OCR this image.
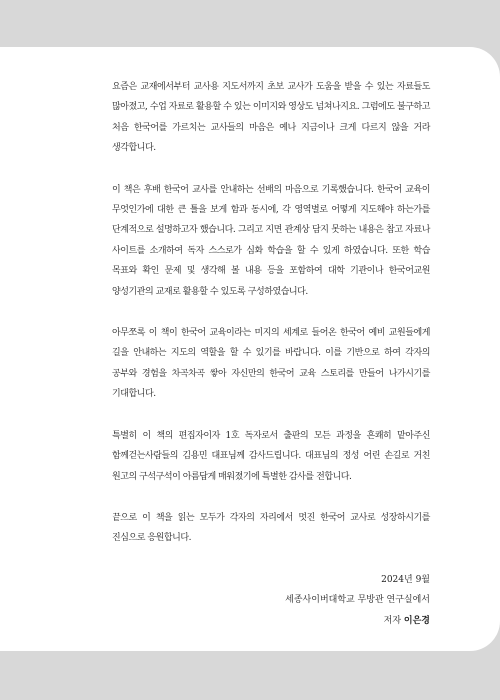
요즘은 교재에서부터 교사용 지도서까지 초보 교사가 도움을 받을 수 있는 자료들도 많아졌고, 수업 자료로 활용할 수 있는 이미지와 영상도 넘쳐나지요. 그럼에도 불구하고 처음 한국어를 가르치는 교사들의 마음은 예나 지금이나 크게 다르지 않을 거라 생각합니다.

이 책은 후배 한국어 교사를 안내하는 선배의 마음으로 기록했습니다. 한국어 교육이 무엇인가에 대한 큰 틀을 보게 함과 동시에, 각 영역별로 어떻게 지도해야 하는가를 단계적으로 설명하고자 했습니다. 그리고 지면 관계상 담지 못하는 내용은 참고 자료나 사이트를 소개하여 독자 스스로가 심화 학습을 할 수 있게 하였습니다. 또한 학습 목표와 확인 문제 및 생각해 볼 내용 등을 포함하여 대학 기관이나 한국어교원 양성기관의 교재로 활용할 수 있도록 구성하였습니다.

아무쪼록 이 책이 한국어 교육이라는 미지의 세계로 들어온 한국어 예비 교원들에게 길을 안내하는 지도의 역할을 할 수 있기를 바랍니다. 이를 기반으로 하여 각자의 공부와 경험을 차곡차곡 쌓아 자신만의 한국어 교육 스토리를 만들어 나가시기를 기대합니다.

특별히 이 책의 편집자이자 1호 독자로서 출판의 모든 과정을 흔쾌히 맡아주신 함께걷는사람들의 김용민 대표님께 감사드립니다. 대표님의 정성 어린 손길로 거친 원고의 구석구석이 아름답게 매워졌기에 특별한 감사를 전합니다.

끝으로 이 책을 읽는 모두가 각자의 자리에서 멋진 한국어 교사로 성장하시기를 진심으로 응원합니다.

2024년 9월
세종사이버대학교 무방관 연구실에서
저자 이은경
